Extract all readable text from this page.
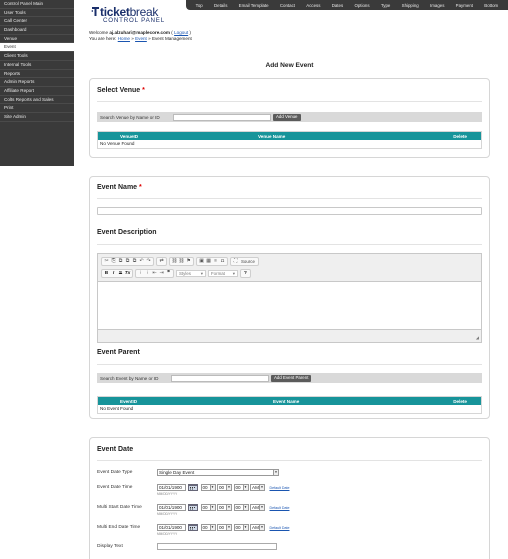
Control Panel Main
User Tools
Call Center
Dashboard
Venue
Event
Client Tools
Internal Tools
Reports
Admin Reports
Affiliate Report
Colts Reports and Sales
Print
Site Admin
Top	Details	Email Template	Contact	Access	Dates	Options	Type	Shipping	Images	Payment	Bottom
ticketbreak
CONTROL PANEL
Welcome aj.alzuhari@maplecore.com ( Logout )
You are here: Home » Event » Event Management
Add New Event
Select Venue *
Search Venue by Name or ID	Add Venue
VenueID	Venue Name	Delete
No Venue Found
Event Name *
Event Description
✂ ⎘ ⧉ ⧉ ⧉ ↶ ↷	⇄	⛓ ⛓ ⚑ ▣ ▦ ≡ Ω	⛶ Source
B I S Tx	⁝	⁝ ⇤ ⇥ ❞	Styles ▾ Format ▾	?
◢
Event Parent
Search Event by Name or ID	Add Event Parent
EventID	Event Name	Delete
No Event Found
Event Date
Event Date Type	Single Day Event	▼
Event Date Time	01/01/1900	00	▼	00	▼	00	▼	AM ▼ Default Date
MM/DD/YYYY
Multi Start Date Time	01/01/1900	00	▼	00	▼	00	▼	AM ▼ Default Date
MM/DD/YYYY
Multi End Date Time	01/01/1900	00	▼	00	▼	00	▼	AM ▼ Default Date
MM/DD/YYYY
Display Text
